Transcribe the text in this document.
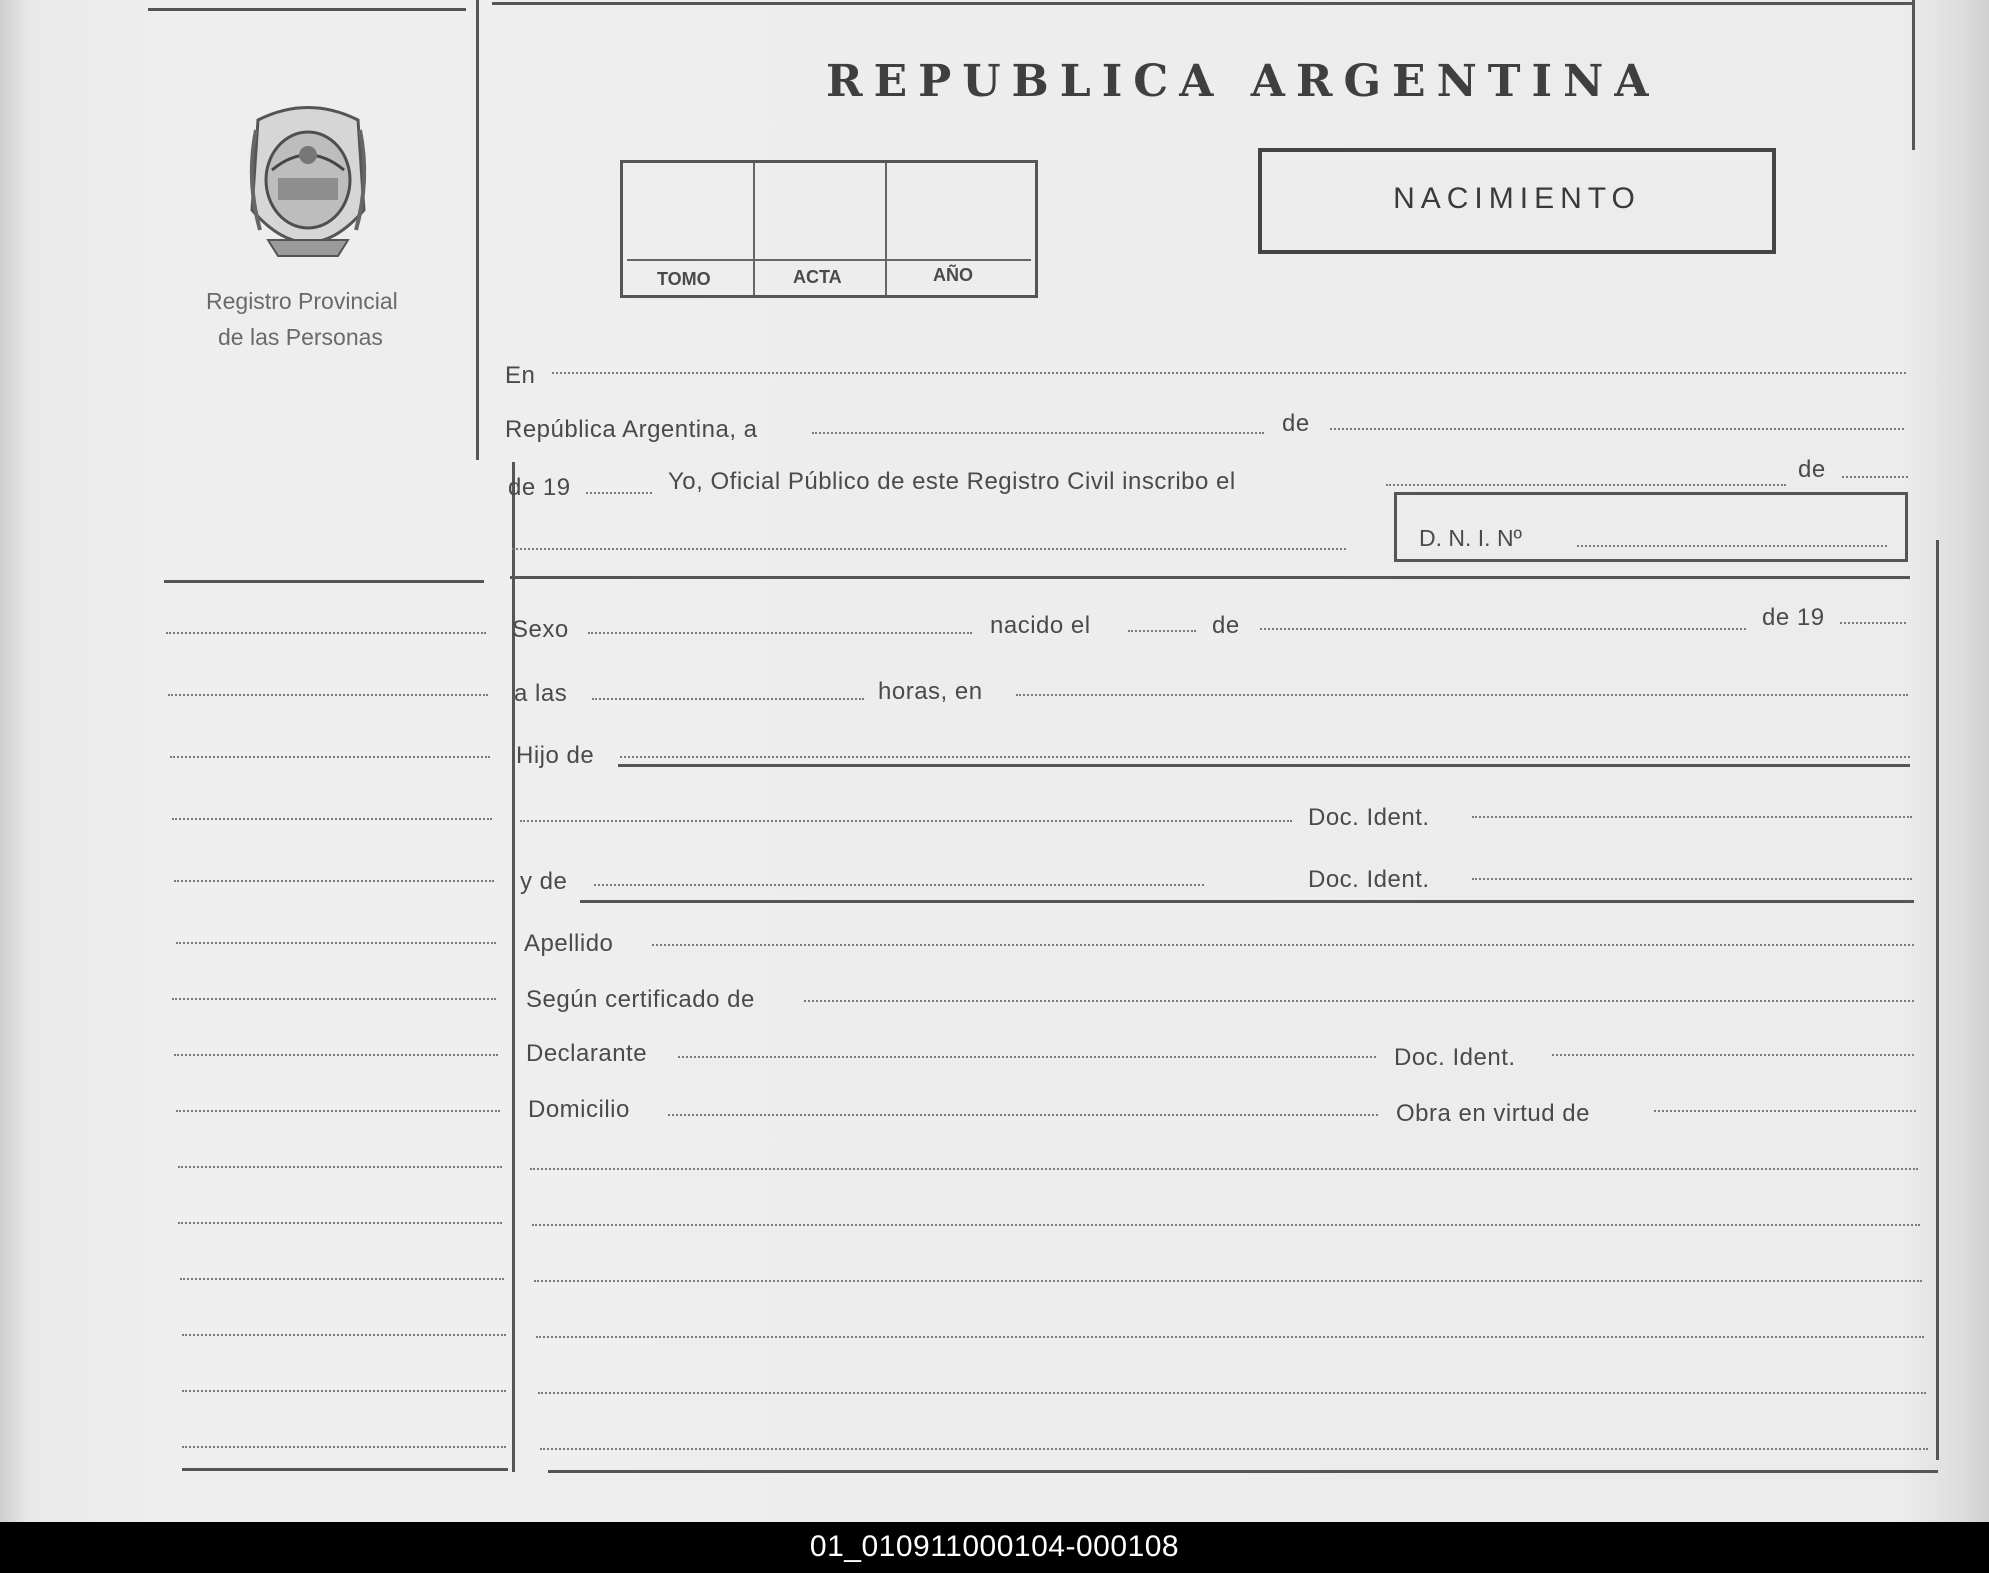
Registro Provincial
de las Personas
REPUBLICA ARGENTINA
TOMO	ACTA	AÑO
NACIMIENTO
En
República Argentina, a	de
de 19	Yo, Oficial Público de este Registro Civil inscribo el	de
D. N. I. Nº
Sexo	nacido el	de	de 19
a las	horas, en
Hijo de
Doc. Ident.
y de	Doc. Ident.
Apellido
Según certificado de
Declarante	Doc. Ident.
Domicilio	Obra en virtud de
01_010911000104-000108
